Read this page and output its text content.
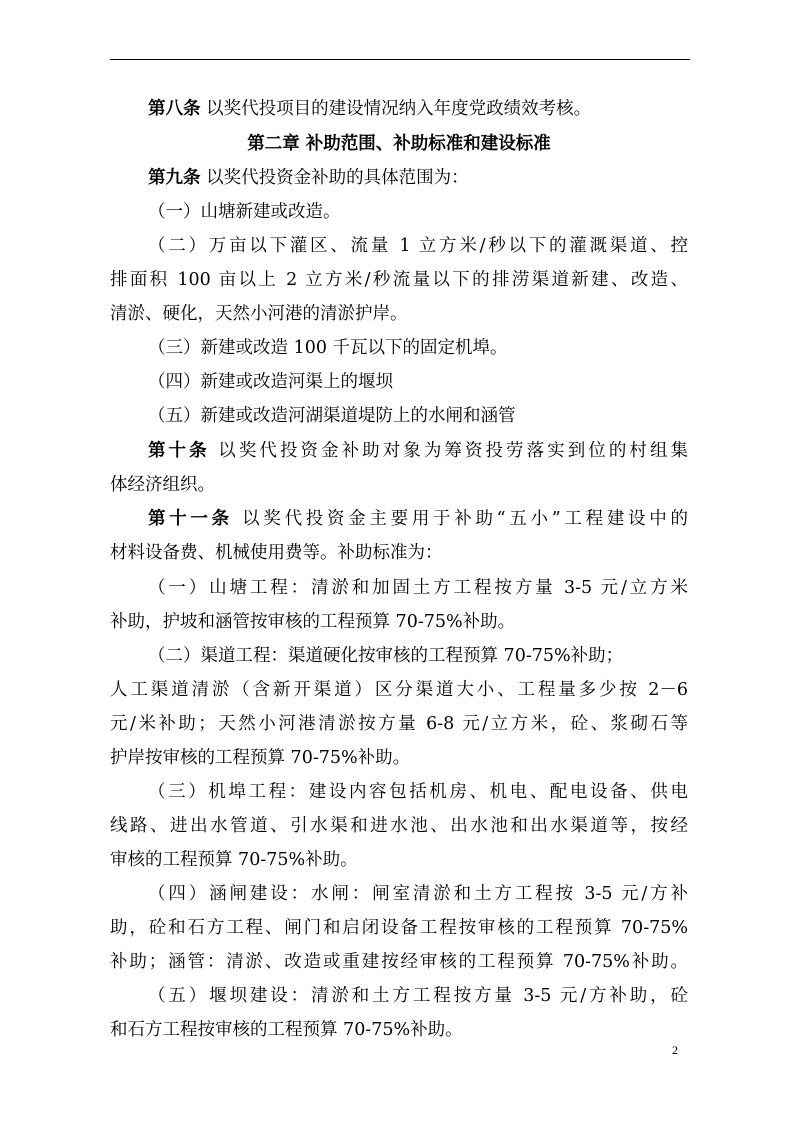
第八条 以奖代投项目的建设情况纳入年度党政绩效考核。
第二章 补助范围、补助标准和建设标准
第九条 以奖代投资金补助的具体范围为：
（一）山塘新建或改造。
（二）万亩以下灌区、流量 1 立方米/秒以下的灌溉渠道、控
排面积 100 亩以上 2 立方米/秒流量以下的排涝渠道新建、改造、
清淤、硬化，天然小河港的清淤护岸。
（三）新建或改造 100 千瓦以下的固定机埠。
（四）新建或改造河渠上的堰坝
（五）新建或改造河湖渠道堤防上的水闸和涵管
第十条 以奖代投资金补助对象为筹资投劳落实到位的村组集
体经济组织。
第十一条 以奖代投资金主要用于补助“五小”工程建设中的
材料设备费、机械使用费等。补助标准为：
（一）山塘工程：清淤和加固土方工程按方量 3-5 元/立方米
补助，护坡和涵管按审核的工程预算 70-75%补助。
（二）渠道工程：渠道硬化按审核的工程预算 70-75%补助；
人工渠道清淤（含新开渠道）区分渠道大小、工程量多少按 2－6
元/米补助；天然小河港清淤按方量 6-8 元/立方米，砼、浆砌石等
护岸按审核的工程预算 70-75%补助。
（三）机埠工程：建设内容包括机房、机电、配电设备、供电
线路、进出水管道、引水渠和进水池、出水池和出水渠道等，按经
审核的工程预算 70-75%补助。
（四）涵闸建设：水闸：闸室清淤和土方工程按 3-5 元/方补
助，砼和石方工程、闸门和启闭设备工程按审核的工程预算 70-75%
补助；涵管：清淤、改造或重建按经审核的工程预算 70-75%补助。
（五）堰坝建设：清淤和土方工程按方量 3-5 元/方补助，砼
和石方工程按审核的工程预算 70-75%补助。
2
